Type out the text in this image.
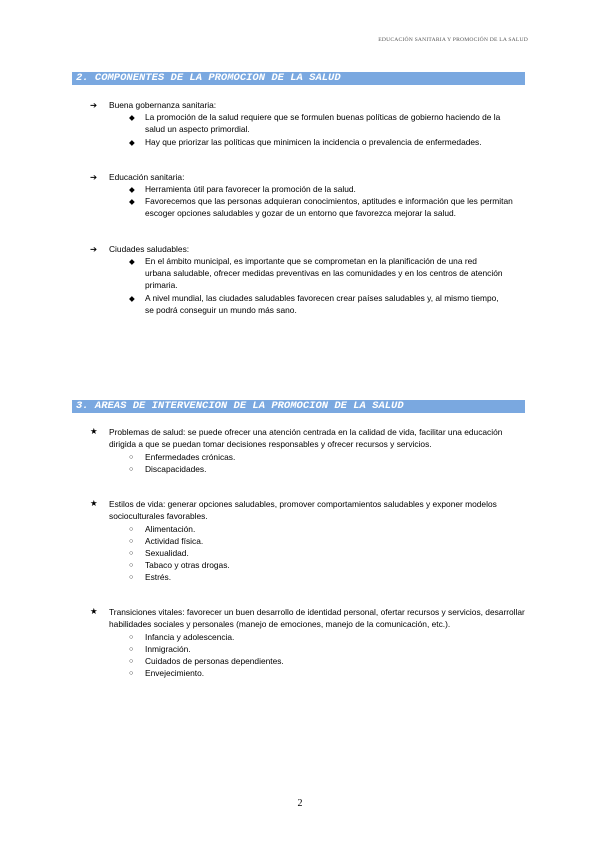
EDUCACIÓN SANITARIA Y PROMOCIÓN DE LA SALUD
2. COMPONENTES DE LA PROMOCION DE LA SALUD
➔ Buena gobernanza sanitaria:
◆ La promoción de la salud requiere que se formulen buenas políticas de gobierno haciendo de la salud un aspecto primordial.
◆ Hay que priorizar las políticas que minimicen la incidencia o prevalencia de enfermedades.
➔ Educación sanitaria:
◆ Herramienta útil para favorecer la promoción de la salud.
◆ Favorecemos que las personas adquieran conocimientos, aptitudes e información que les permitan escoger opciones saludables y gozar de un entorno que favorezca mejorar la salud.
➔ Ciudades saludables:
◆ En el ámbito municipal, es importante que se comprometan en la planificación de una red urbana saludable, ofrecer medidas preventivas en las comunidades y en los centros de atención primaria.
◆ A nivel mundial, las ciudades saludables favorecen crear países saludables y, al mismo tiempo, se podrá conseguir un mundo más sano.
3. AREAS DE INTERVENCION DE LA PROMOCION DE LA SALUD
★ Problemas de salud: se puede ofrecer una atención centrada en la calidad de vida, facilitar una educación dirigida a que se puedan tomar decisiones responsables y ofrecer recursos y servicios.
○ Enfermedades crónicas.
○ Discapacidades.
★ Estilos de vida: generar opciones saludables, promover comportamientos saludables y exponer modelos socioculturales favorables.
○ Alimentación.
○ Actividad física.
○ Sexualidad.
○ Tabaco y otras drogas.
○ Estrés.
★ Transiciones vitales: favorecer un buen desarrollo de identidad personal, ofertar recursos y servicios, desarrollar habilidades sociales y personales (manejo de emociones, manejo de la comunicación, etc.).
○ Infancia y adolescencia.
○ Inmigración.
○ Cuidados de personas dependientes.
○ Envejecimiento.
2
